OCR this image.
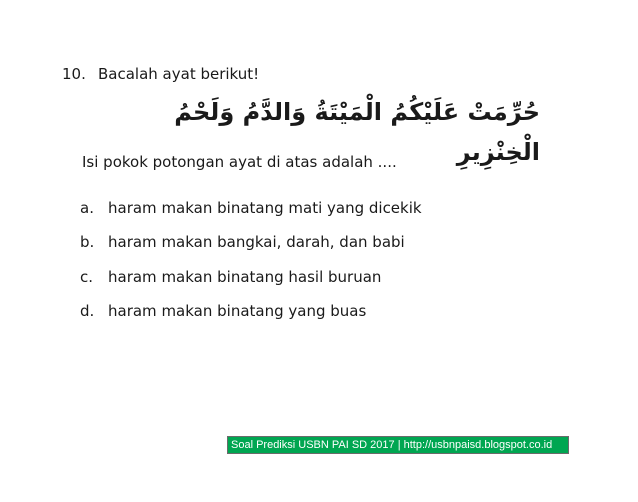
10. Bacalah ayat berikut!
حُرِّمَتْ عَلَيْكُمُ الْمَيْتَةُ وَالدَّمُ وَلَحْمُ الْخِنْزِيرِ
Isi pokok potongan ayat di atas adalah ....
a. haram makan binatang mati yang dicekik
b. haram makan bangkai, darah, dan babi
c. haram makan binatang hasil buruan
d. haram makan binatang yang buas
Soal Prediksi USBN PAI SD 2017 | http://usbnpaisd.blogspot.co.id
